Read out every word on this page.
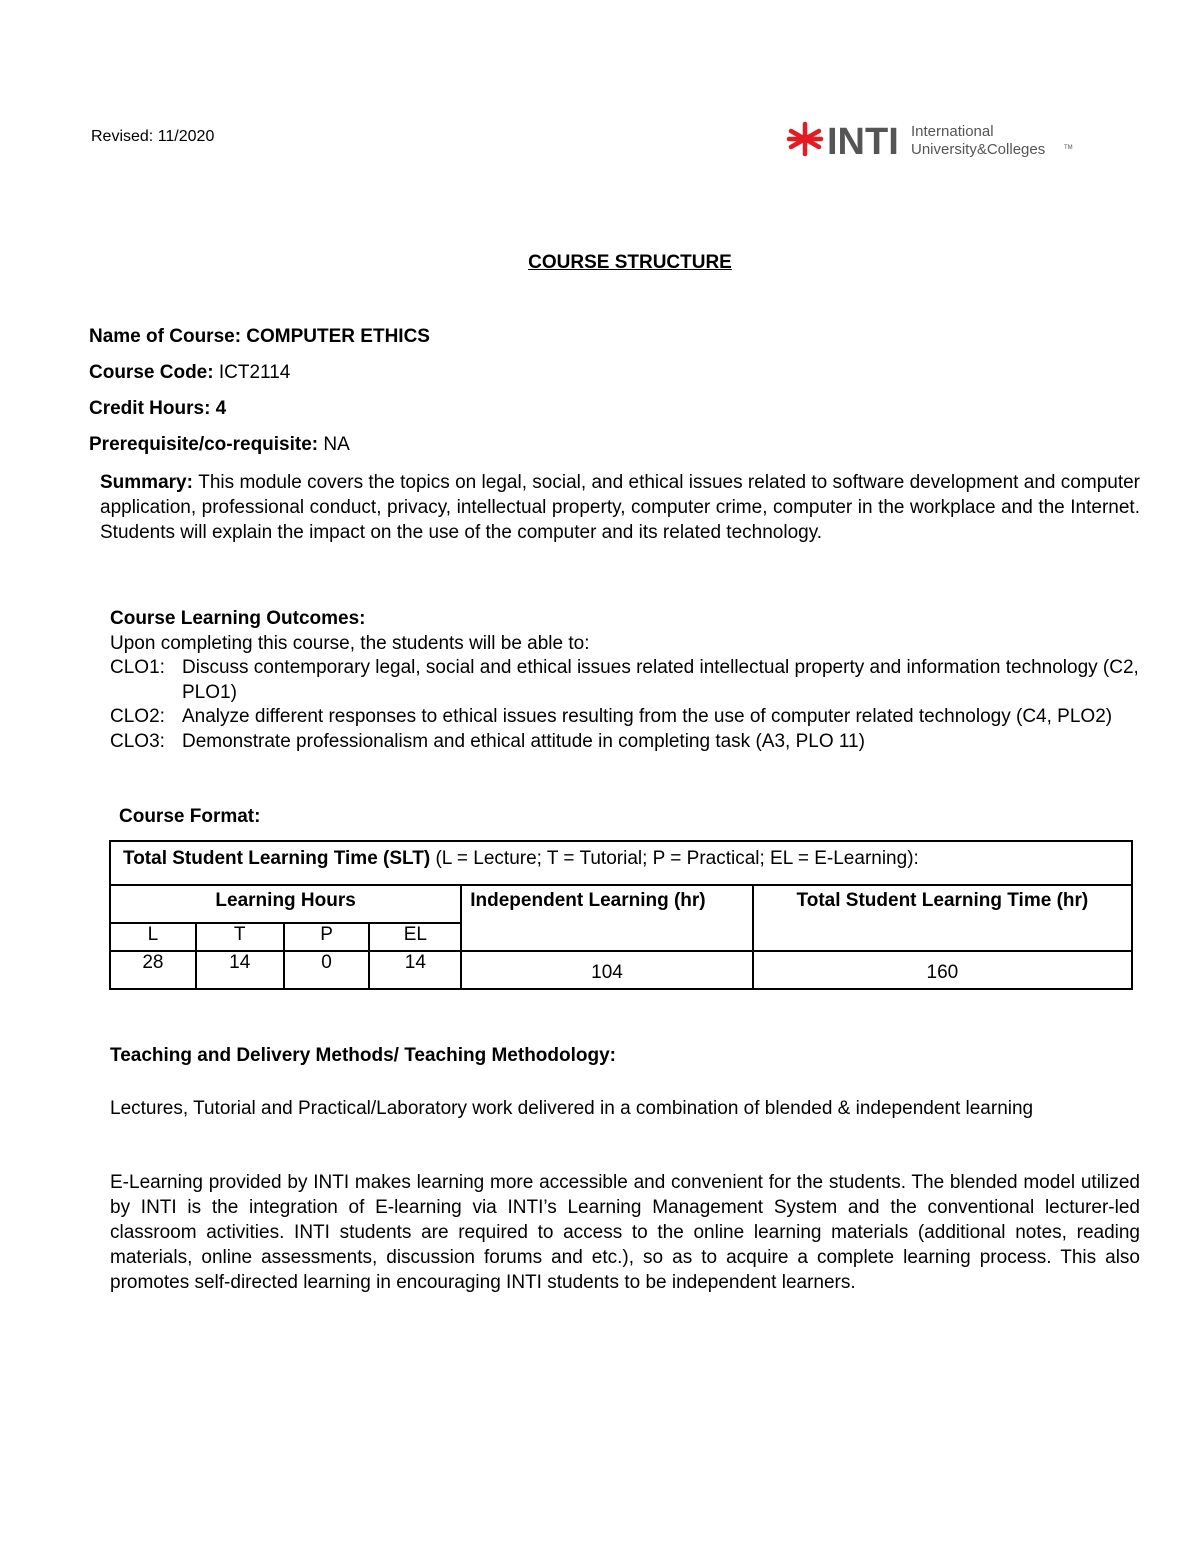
Revised: 11/2020	INTI International
University&Colleges	TM
COURSE STRUCTURE
Name of Course: COMPUTER ETHICS
Course Code: ICT2114
Credit Hours: 4
Prerequisite/co-requisite: NA
Summary: This module covers the topics on legal, social, and ethical issues related to software development and computer application, professional conduct, privacy, intellectual property, computer crime, computer in the workplace and the Internet. Students will explain the impact on the use of the computer and its related technology.
Course Learning Outcomes:
Upon completing this course, the students will be able to:
CLO1: Discuss contemporary legal, social and ethical issues related intellectual property and information technology (C2, PLO1)
CLO2: Analyze different responses to ethical issues resulting from the use of computer related technology (C4, PLO2)
CLO3: Demonstrate professionalism and ethical attitude in completing task (A3, PLO 11)
Course Format:
Total Student Learning Time (SLT) (L = Lecture; T = Tutorial; P = Practical; EL = E-Learning):					
Learning Hours				Independent Learning (hr)	Total Student Learning Time (hr)
L	T	P	EL		
28	14	0	14	104	160
Teaching and Delivery Methods/ Teaching Methodology:
Lectures, Tutorial and Practical/Laboratory work delivered in a combination of blended & independent learning
E-Learning provided by INTI makes learning more accessible and convenient for the students. The blended model utilized by INTI is the integration of E-learning via INTI’s Learning Management System and the conventional lecturer-led classroom activities. INTI students are required to access to the online learning materials (additional notes, reading materials, online assessments, discussion forums and etc.), so as to acquire a complete learning process. This also promotes self-directed learning in encouraging INTI students to be independent learners.
